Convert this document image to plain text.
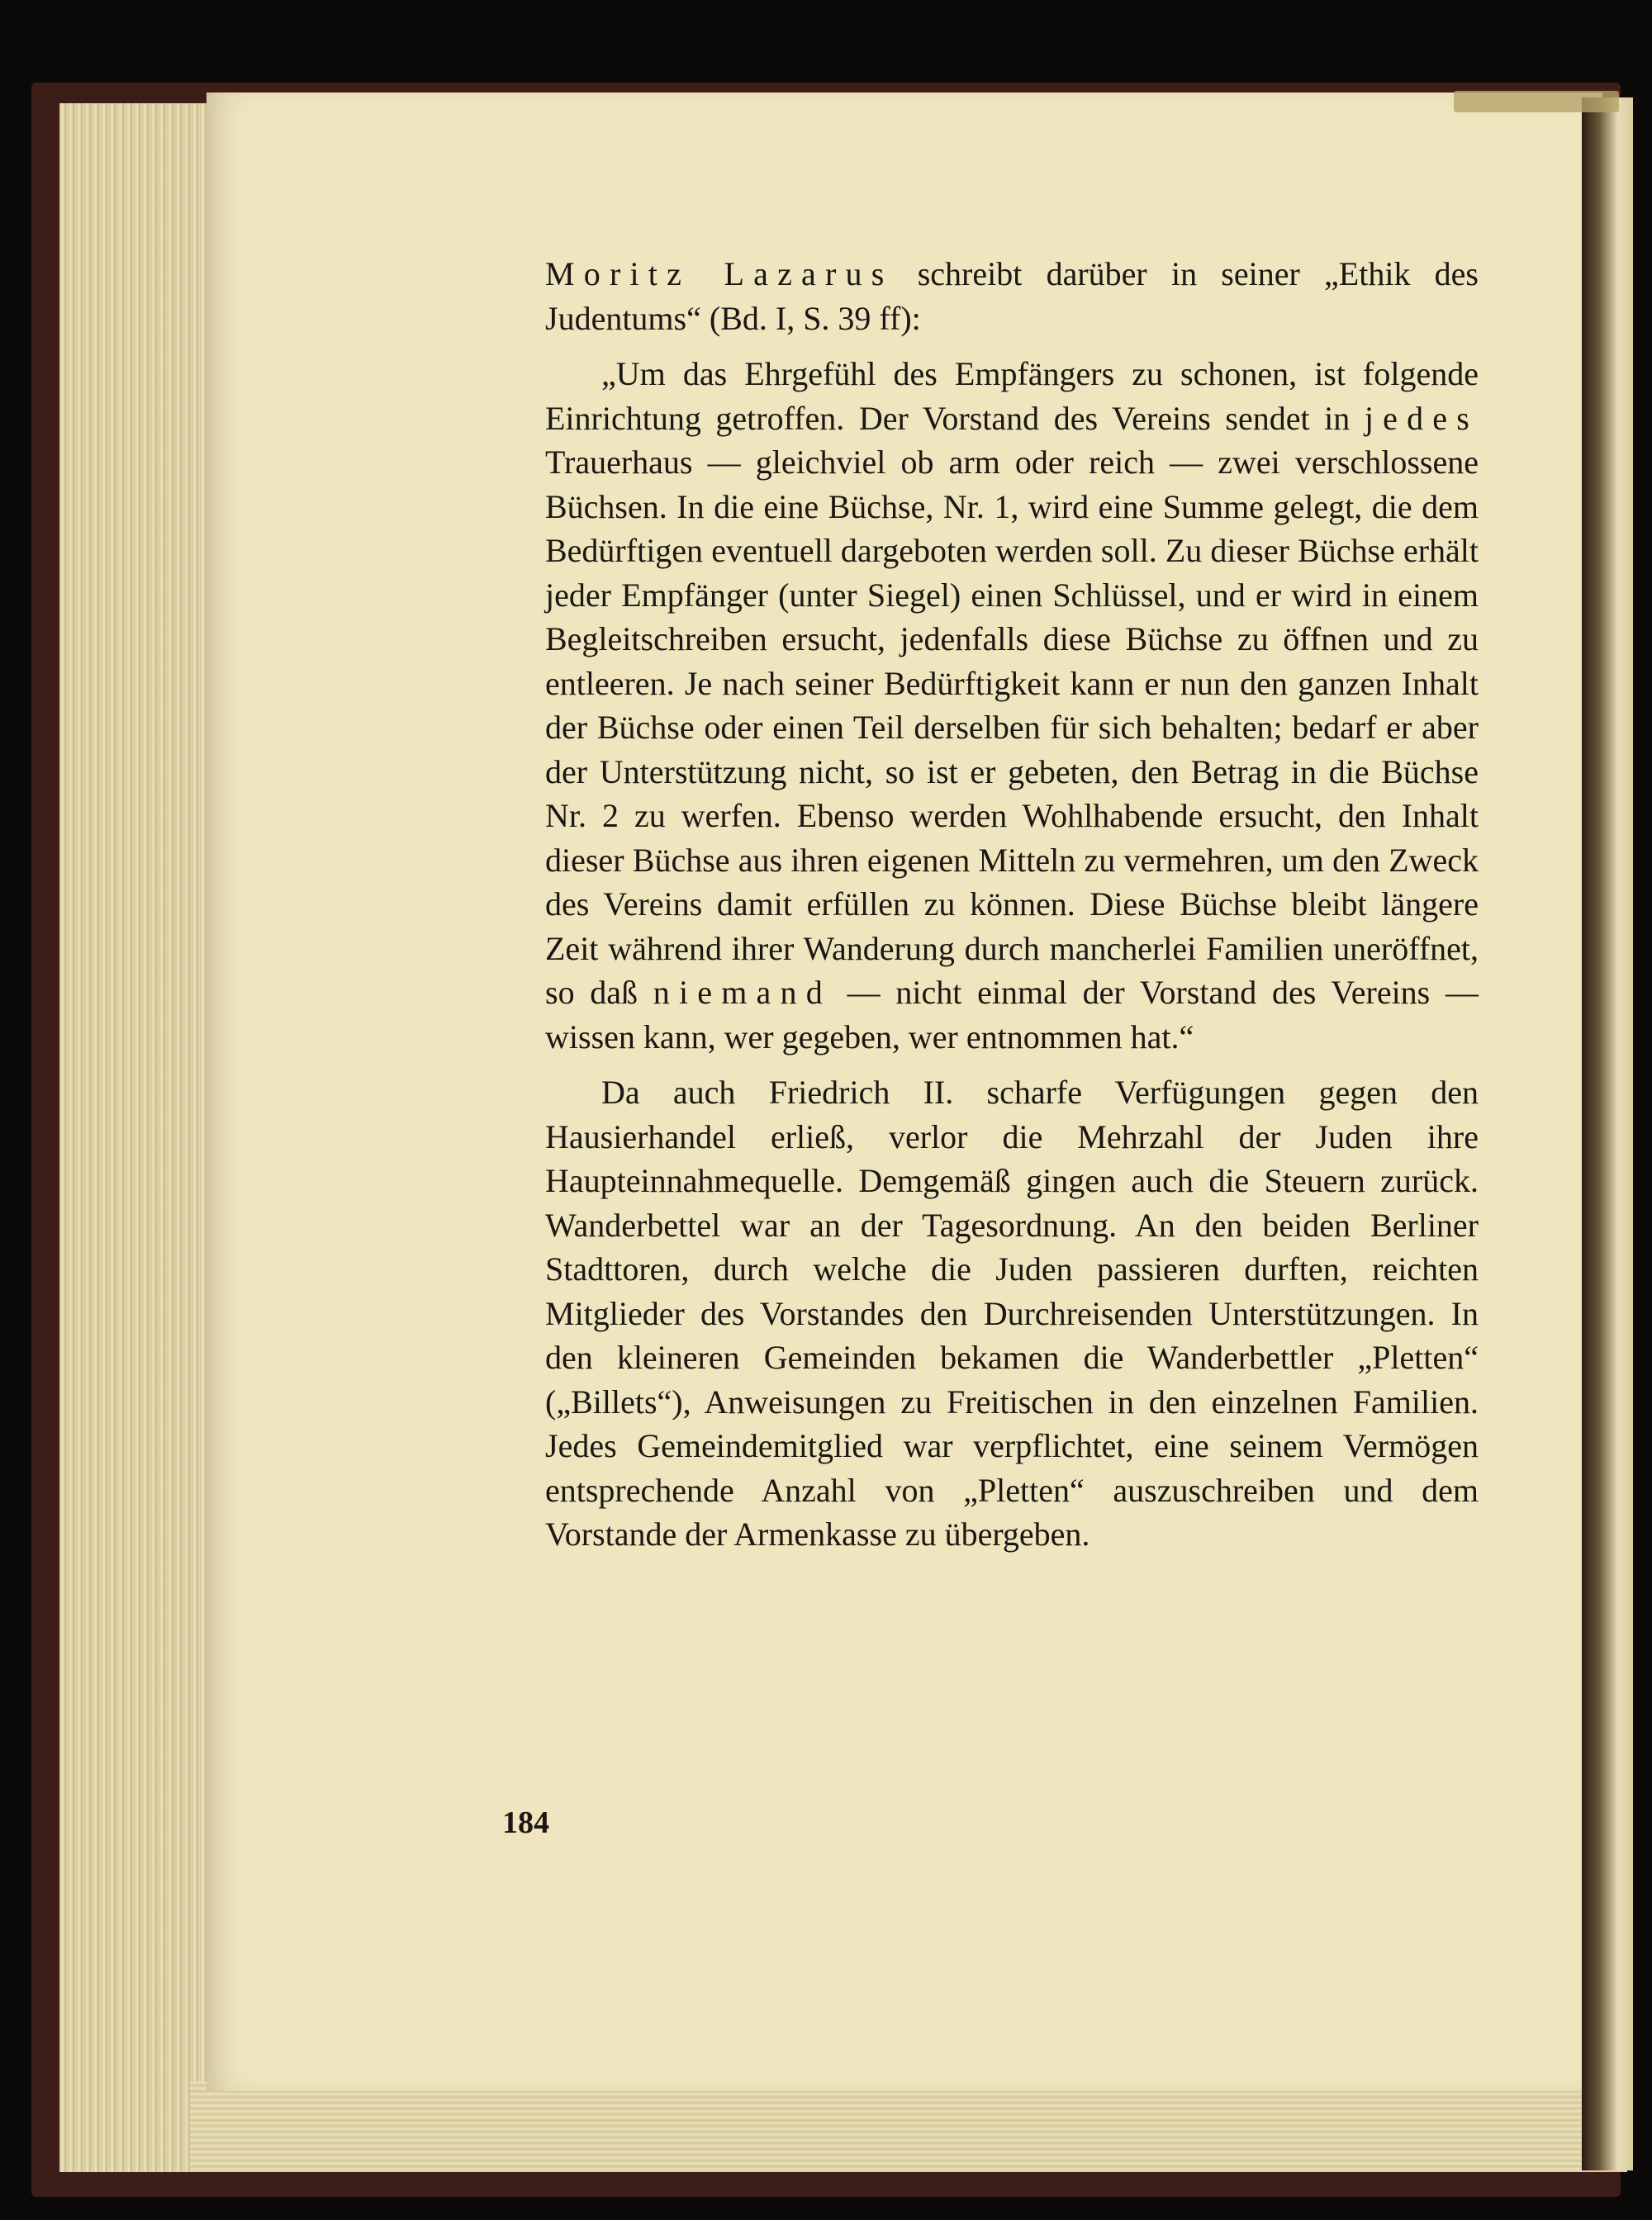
Moritz Lazarus schreibt darüber in seiner „Ethik des Judentums“ (Bd. I, S. 39 ff):

„Um das Ehrgefühl des Empfängers zu schonen, ist folgende Einrichtung getroffen. Der Vorstand des Vereins sendet in jedes Trauerhaus — gleichviel ob arm oder reich — zwei verschlossene Büchsen. In die eine Büchse, Nr. 1, wird eine Summe gelegt, die dem Bedürftigen eventuell dargeboten werden soll. Zu dieser Büchse erhält jeder Empfänger (unter Siegel) einen Schlüssel, und er wird in einem Begleitschreiben ersucht, jedenfalls diese Büchse zu öffnen und zu entleeren. Je nach seiner Bedürftigkeit kann er nun den ganzen Inhalt der Büchse oder einen Teil derselben für sich behalten; bedarf er aber der Unterstützung nicht, so ist er gebeten, den Betrag in die Büchse Nr. 2 zu werfen. Ebenso werden Wohlhabende ersucht, den Inhalt dieser Büchse aus ihren eigenen Mitteln zu vermehren, um den Zweck des Vereins damit erfüllen zu können. Diese Büchse bleibt längere Zeit während ihrer Wanderung durch mancherlei Familien uneröffnet, so daß niemand — nicht einmal der Vorstand des Vereins — wissen kann, wer gegeben, wer entnommen hat.“

Da auch Friedrich II. scharfe Verfügungen gegen den Hausierhandel erließ, verlor die Mehrzahl der Juden ihre Haupteinnahmequelle. Demgemäß gingen auch die Steuern zurück. Wanderbettel war an der Tagesordnung. An den beiden Berliner Stadttoren, durch welche die Juden passieren durften, reichten Mitglieder des Vorstandes den Durchreisenden Unterstützungen. In den kleineren Gemeinden bekamen die Wanderbettler „Pletten“ („Billets“), Anweisungen zu Freitischen in den einzelnen Familien. Jedes Gemeindemitglied war verpflichtet, eine seinem Vermögen entsprechende Anzahl von „Pletten“ auszuschreiben und dem Vorstande der Armenkasse zu übergeben.

184
